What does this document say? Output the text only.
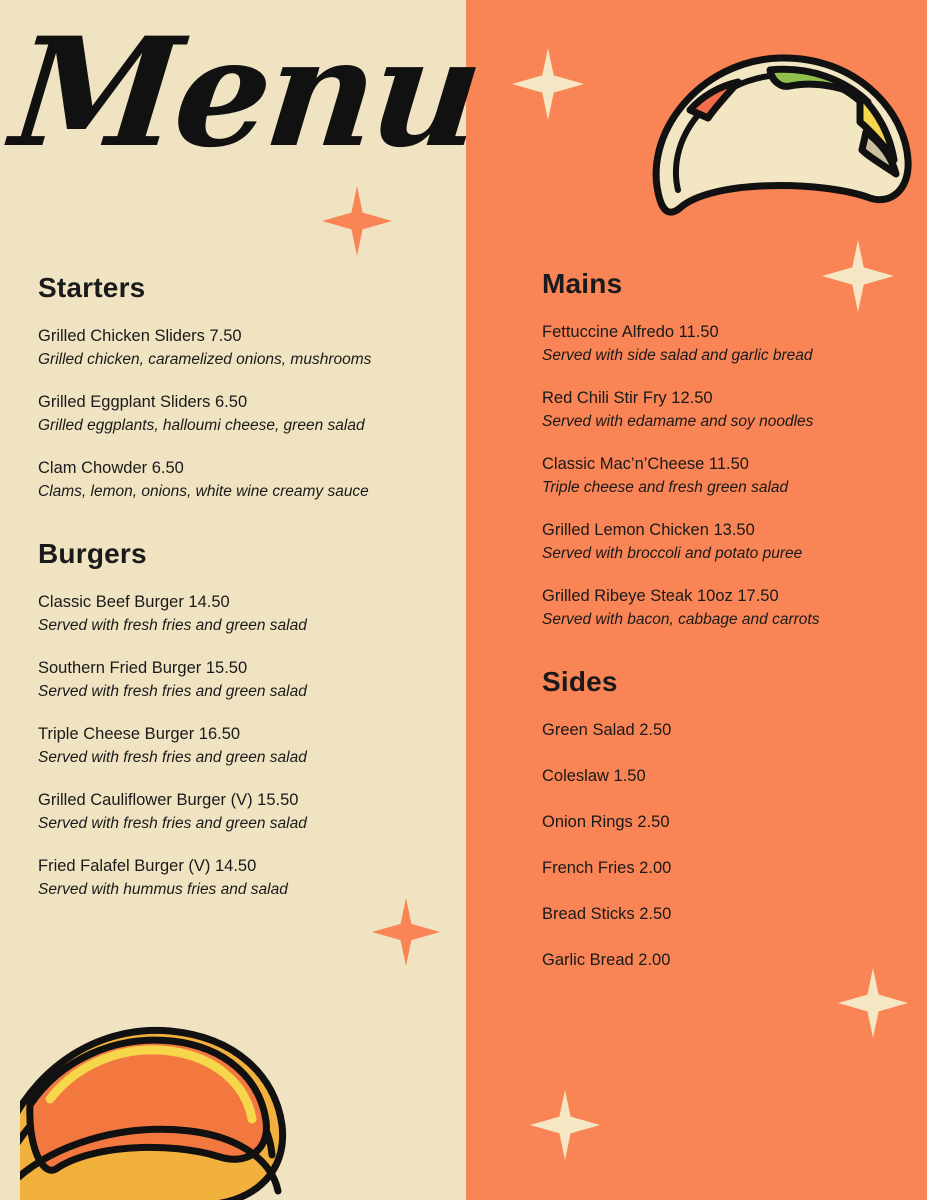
Menu
Starters

Grilled Chicken Sliders 7.50

Grilled chicken, caramelized onions, mushrooms

Grilled Eggplant Sliders 6.50

Grilled eggplants, halloumi cheese, green salad

Clam Chowder 6.50

Clams, lemon, onions, white wine creamy sauce

Burgers

Classic Beef Burger 14.50

Served with fresh fries and green salad

Southern Fried Burger 15.50

Served with fresh fries and green salad

Triple Cheese Burger 16.50

Served with fresh fries and green salad

Grilled Cauliflower Burger (V) 15.50

Served with fresh fries and green salad

Fried Falafel Burger (V) 14.50

Served with hummus fries and salad

Mains

Fettuccine Alfredo 11.50

Served with side salad and garlic bread

Red Chili Stir Fry 12.50

Served with edamame and soy noodles

Classic Mac’n’Cheese 11.50

Triple cheese and fresh green salad

Grilled Lemon Chicken 13.50

Served with broccoli and potato puree

Grilled Ribeye Steak 10oz 17.50

Served with bacon, cabbage and carrots

Sides

Green Salad 2.50

Coleslaw 1.50

Onion Rings 2.50

French Fries 2.00

Bread Sticks 2.50

Garlic Bread 2.00
